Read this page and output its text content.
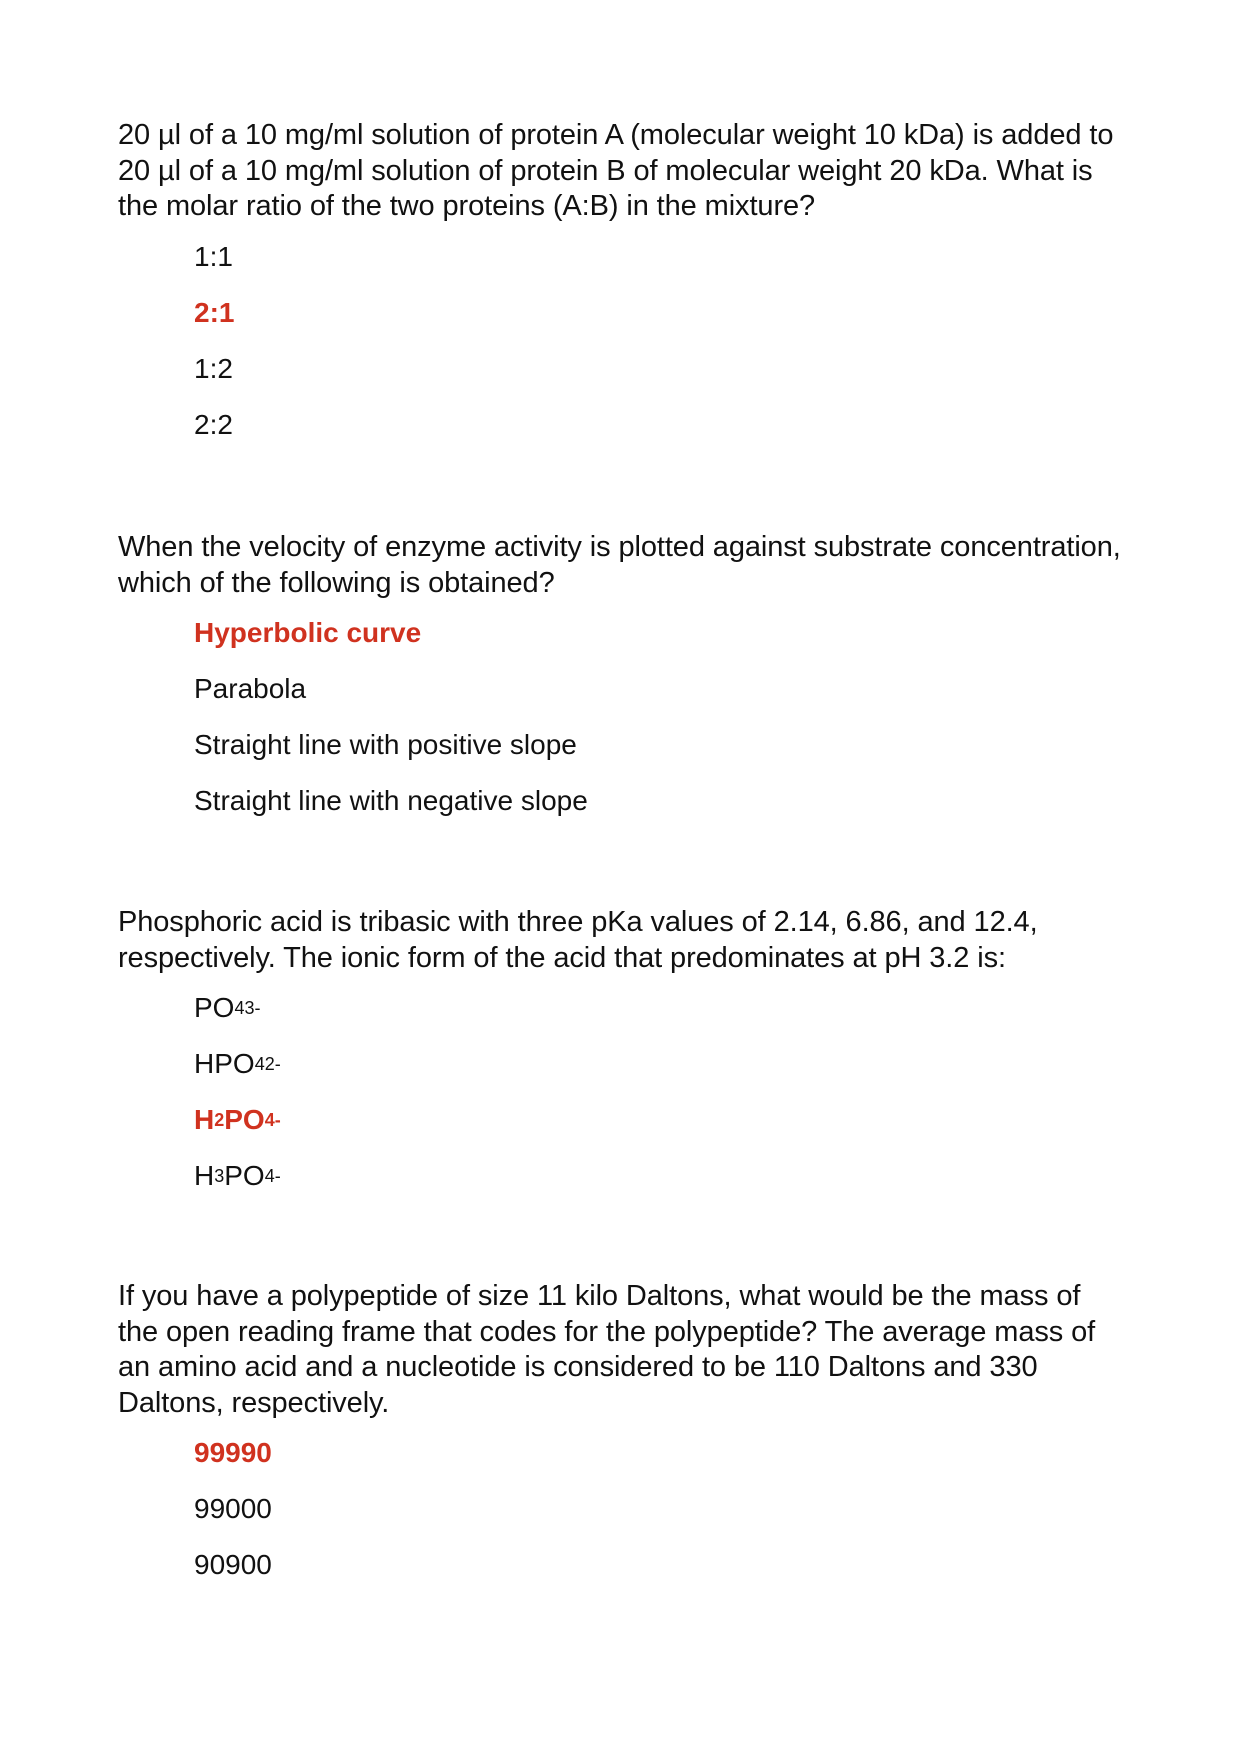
20 µl of a 10 mg/ml solution of protein A (molecular weight 10 kDa) is added to 20 µl of a 10 mg/ml solution of protein B of molecular weight 20 kDa. What is the molar ratio of the two proteins (A:B) in the mixture?

1:1
2:1
1:2
2:2

When the velocity of enzyme activity is plotted against substrate concentration, which of the following is obtained?

Hyperbolic curve
Parabola
Straight line with positive slope
Straight line with negative slope

Phosphoric acid is tribasic with three pKa values of 2.14, 6.86, and 12.4, respectively. The ionic form of the acid that predominates at pH 3.2 is:

PO 4 3-
HPO 4 2-
H 2 PO 4-
H 3 PO 4-

If you have a polypeptide of size 11 kilo Daltons, what would be the mass of the open reading frame that codes for the polypeptide? The average mass of an amino acid and a nucleotide is considered to be 110 Daltons and 330 Daltons, respectively.

99990
99000
90900
